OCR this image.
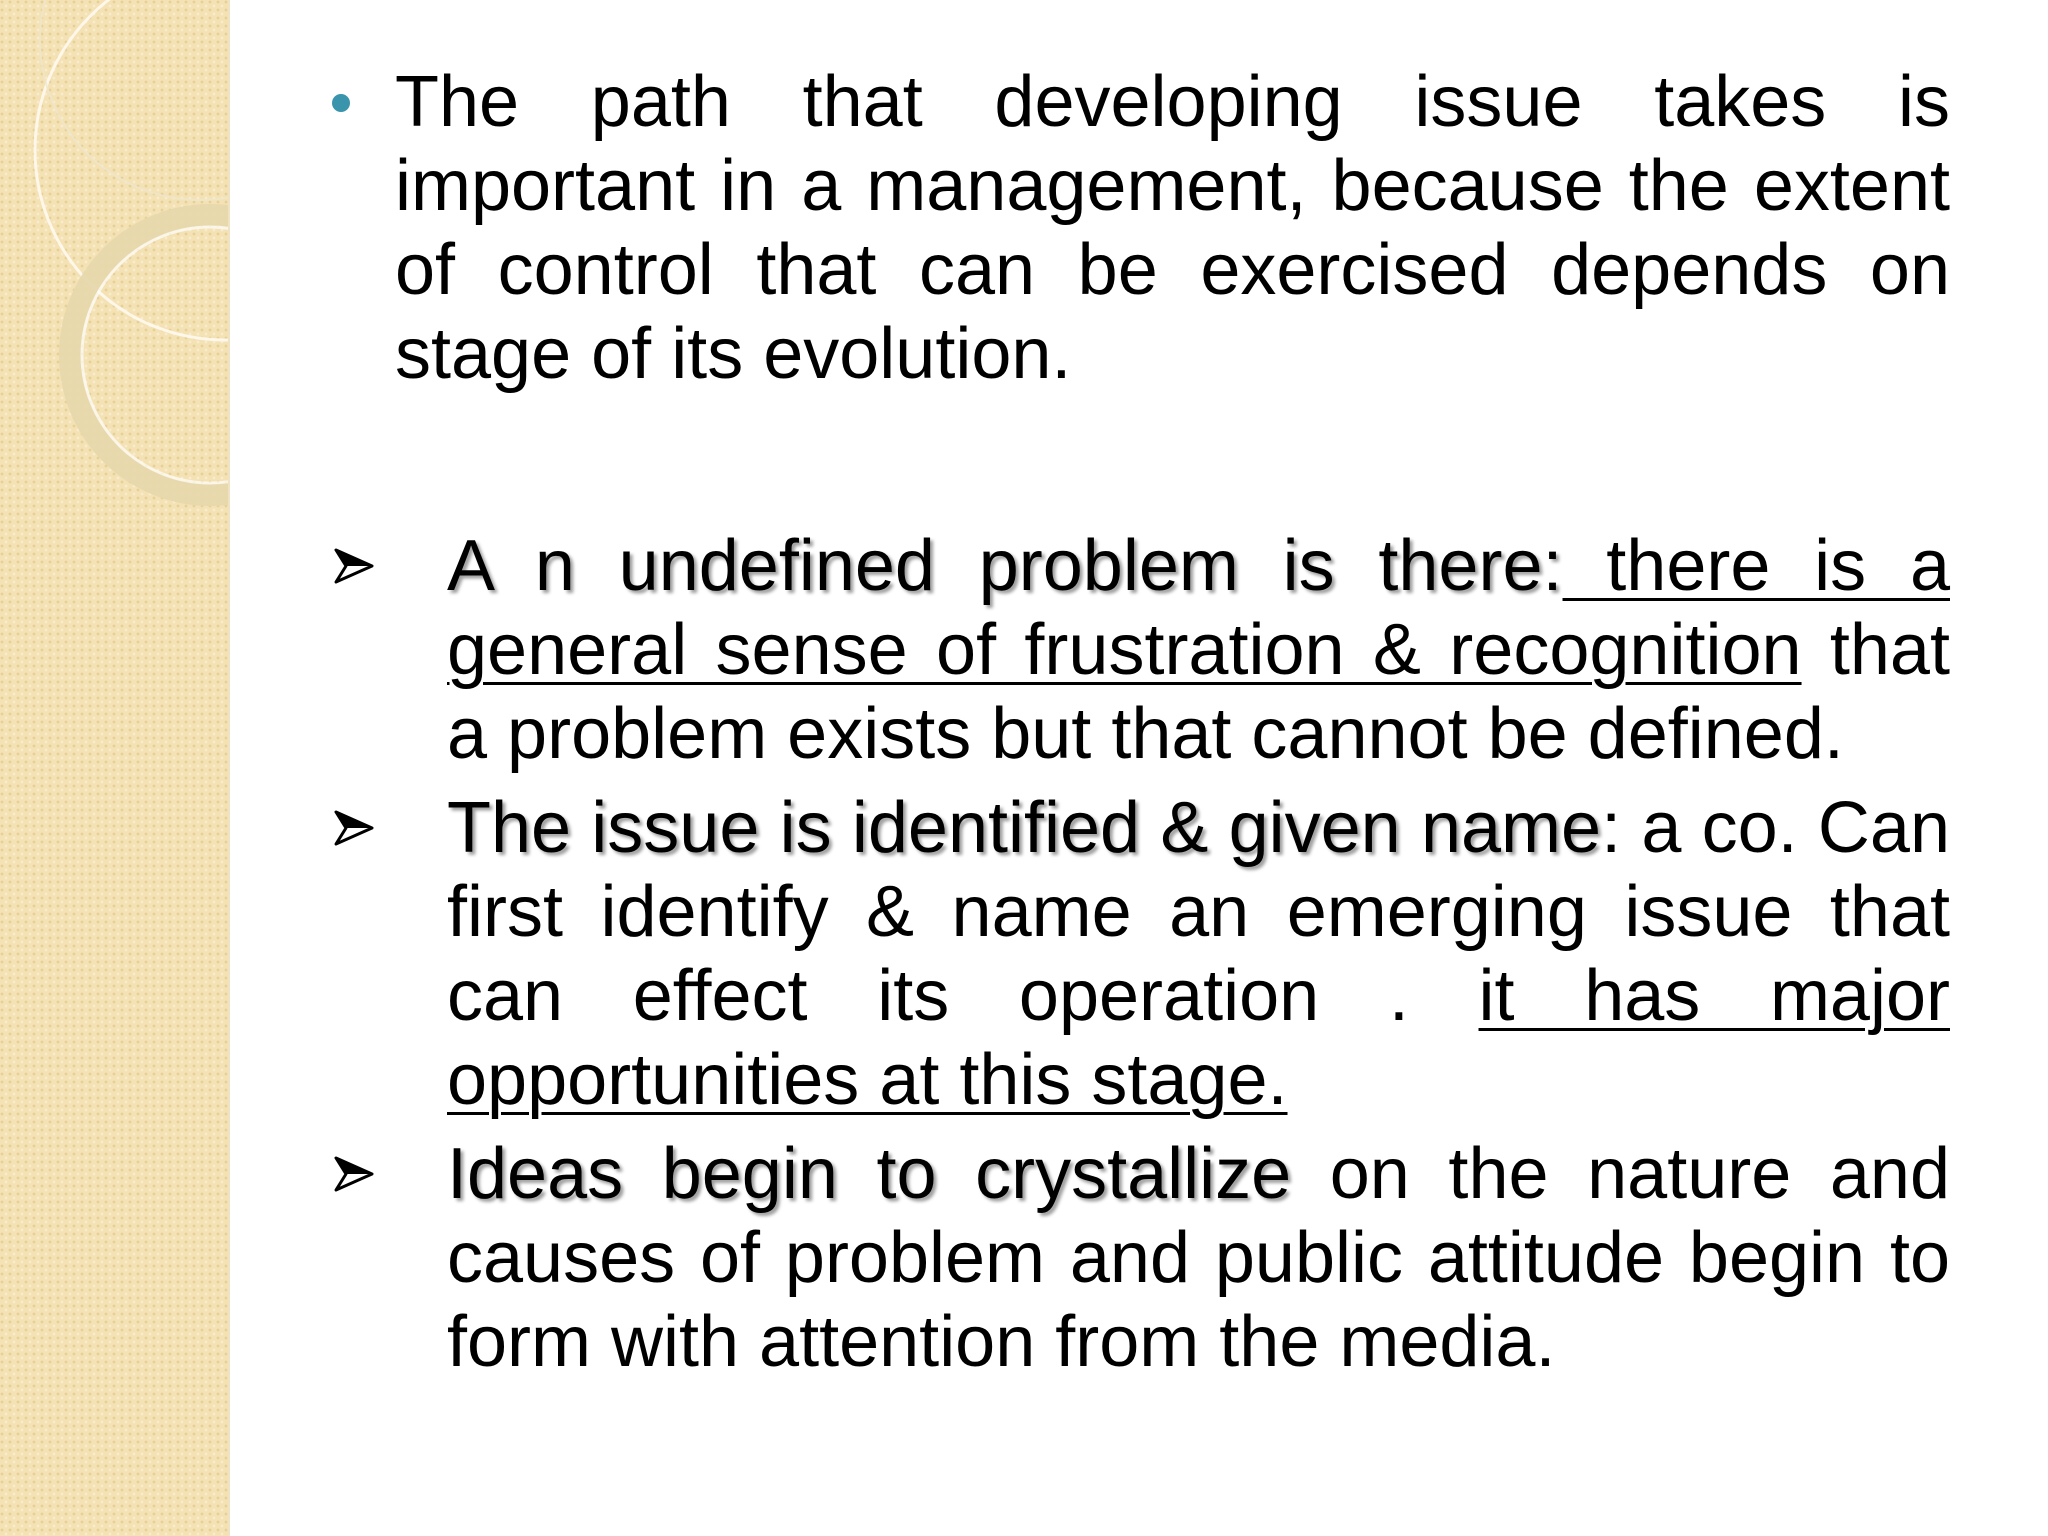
The path that developing issue takes is important in a management, because the extent of control that can be exercised depends on stage of its evolution.
A n undefined problem is there: there is a general sense of frustration & recognition that a problem exists but that cannot be defined.
The issue is identified & given name: a co. Can first identify & name an emerging issue that can effect its operation . it has major opportunities at this stage.
Ideas begin to crystallize on the nature and causes of problem and public attitude begin to form with attention from the media.
